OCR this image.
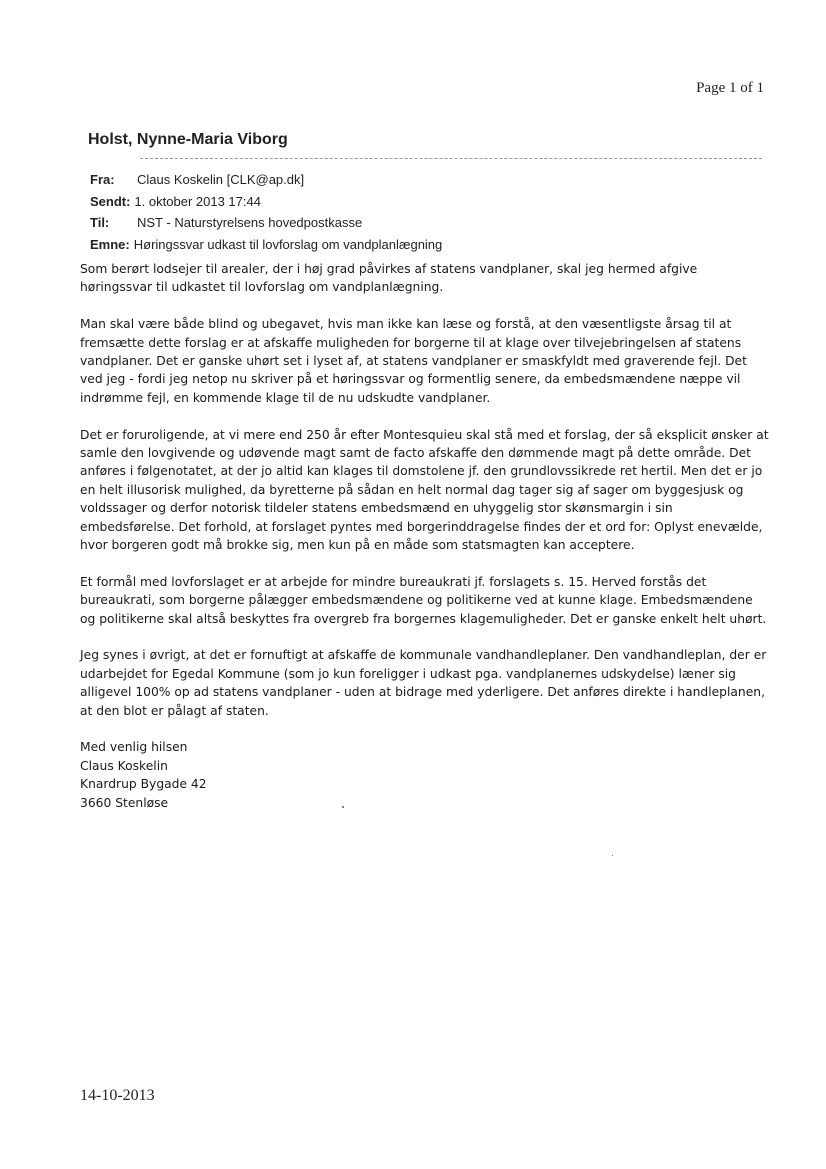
Page 1 of 1
Holst, Nynne-Maria Viborg
Fra: Claus Koskelin [CLK@ap.dk]
Sendt: 1. oktober 2013 17:44
Til: NST - Naturstyrelsens hovedpostkasse
Emne: Høringssvar udkast til lovforslag om vandplanlægning

Som berørt lodsejer til arealer, der i høj grad påvirkes af statens vandplaner, skal jeg hermed afgive høringssvar til udkastet til lovforslag om vandplanlægning.

Man skal være både blind og ubegavet, hvis man ikke kan læse og forstå, at den væsentligste årsag til at fremsætte dette forslag er at afskaffe muligheden for borgerne til at klage over tilvejebringelsen af statens vandplaner. Det er ganske uhørt set i lyset af, at statens vandplaner er smaskfyldt med graverende fejl. Det ved jeg - fordi jeg netop nu skriver på et høringssvar og formentlig senere, da embedsmændene næppe vil indrømme fejl, en kommende klage til de nu udskudte vandplaner.

Det er foruroligende, at vi mere end 250 år efter Montesquieu skal stå med et forslag, der så eksplicit ønsker at samle den lovgivende og udøvende magt samt de facto afskaffe den dømmende magt på dette område. Det anføres i følgenotatet, at der jo altid kan klages til domstolene jf. den grundlovssikrede ret hertil. Men det er jo en helt illusorisk mulighed, da byretterne på sådan en helt normal dag tager sig af sager om byggesjusk og voldssager og derfor notorisk tildeler statens embedsmænd en uhyggelig stor skønsmargin i sin embedsførelse. Det forhold, at forslaget pyntes med borgerinddragelse findes der et ord for: Oplyst enevælde, hvor borgeren godt må brokke sig, men kun på en måde som statsmagten kan acceptere.

Et formål med lovforslaget er at arbejde for mindre bureaukrati jf. forslagets s. 15. Herved forstås det bureaukrati, som borgerne pålægger embedsmændene og politikerne ved at kunne klage. Embedsmændene og politikerne skal altså beskyttes fra overgreb fra borgernes klagemuligheder. Det er ganske enkelt helt uhørt.

Jeg synes i øvrigt, at det er fornuftigt at afskaffe de kommunale vandhandleplaner. Den vandhandleplan, der er udarbejdet for Egedal Kommune (som jo kun foreligger i udkast pga. vandplanernes udskydelse) læner sig alligevel 100% op ad statens vandplaner - uden at bidrage med yderligere. Det anføres direkte i handleplanen, at den blot er pålagt af staten.

Med venlig hilsen
Claus Koskelin
Knardrup Bygade 42
3660 Stenløse
14-10-2013
